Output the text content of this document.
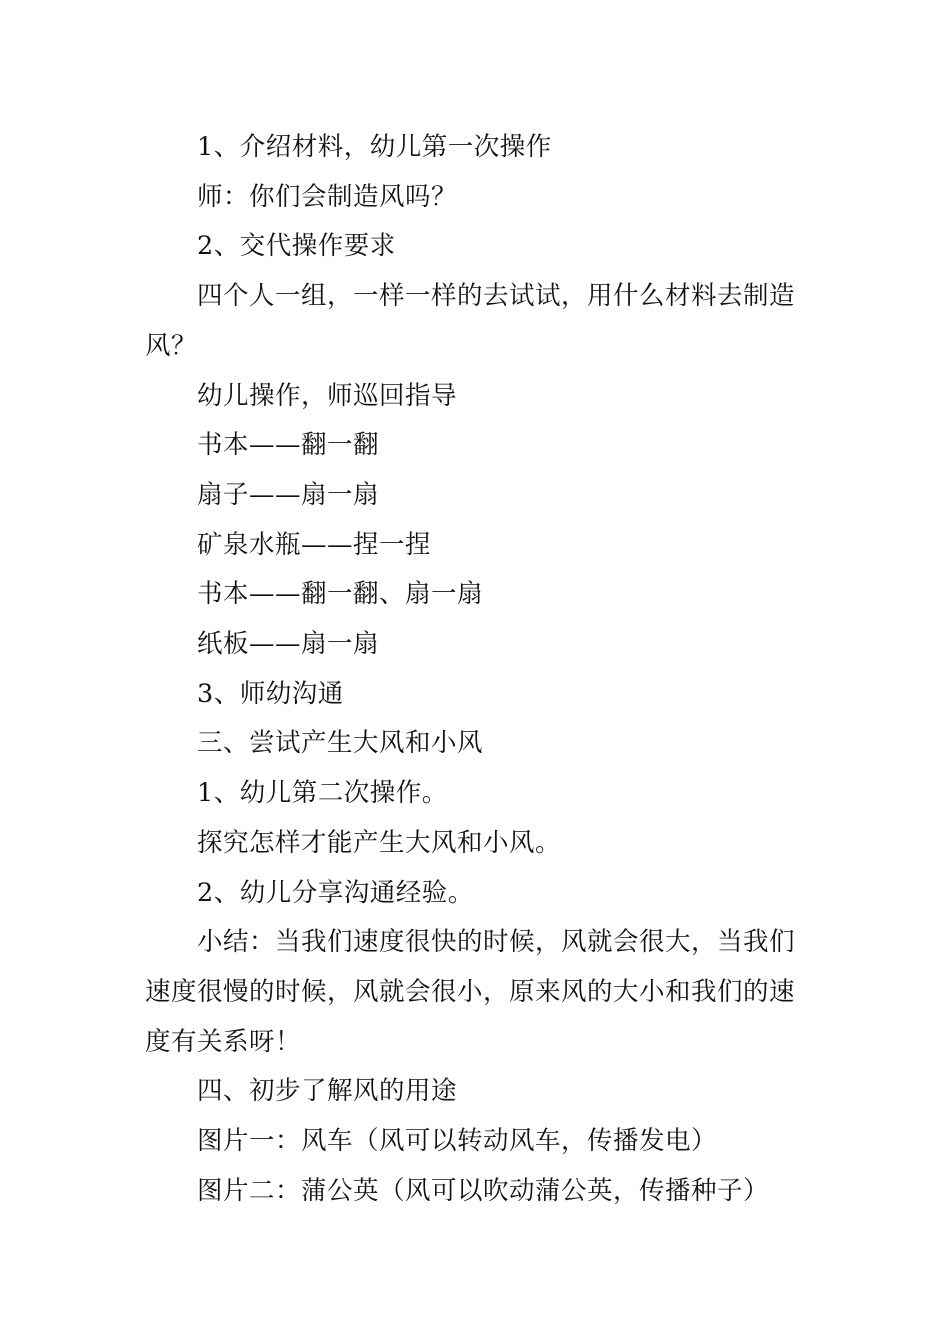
1、介绍材料，幼儿第一次操作

师：你们会制造风吗？

2、交代操作要求

四个人一组，一样一样的去试试，用什么材料去制造风？

幼儿操作，师巡回指导

书本——翻一翻

扇子——扇一扇

矿泉水瓶——捏一捏

书本——翻一翻、扇一扇

纸板——扇一扇

3、师幼沟通

三、尝试产生大风和小风

1、幼儿第二次操作。

探究怎样才能产生大风和小风。

2、幼儿分享沟通经验。

小结：当我们速度很快的时候，风就会很大，当我们速度很慢的时候，风就会很小，原来风的大小和我们的速度有关系呀！

四、初步了解风的用途

图片一：风车（风可以转动风车，传播发电）

图片二：蒲公英（风可以吹动蒲公英，传播种子）
